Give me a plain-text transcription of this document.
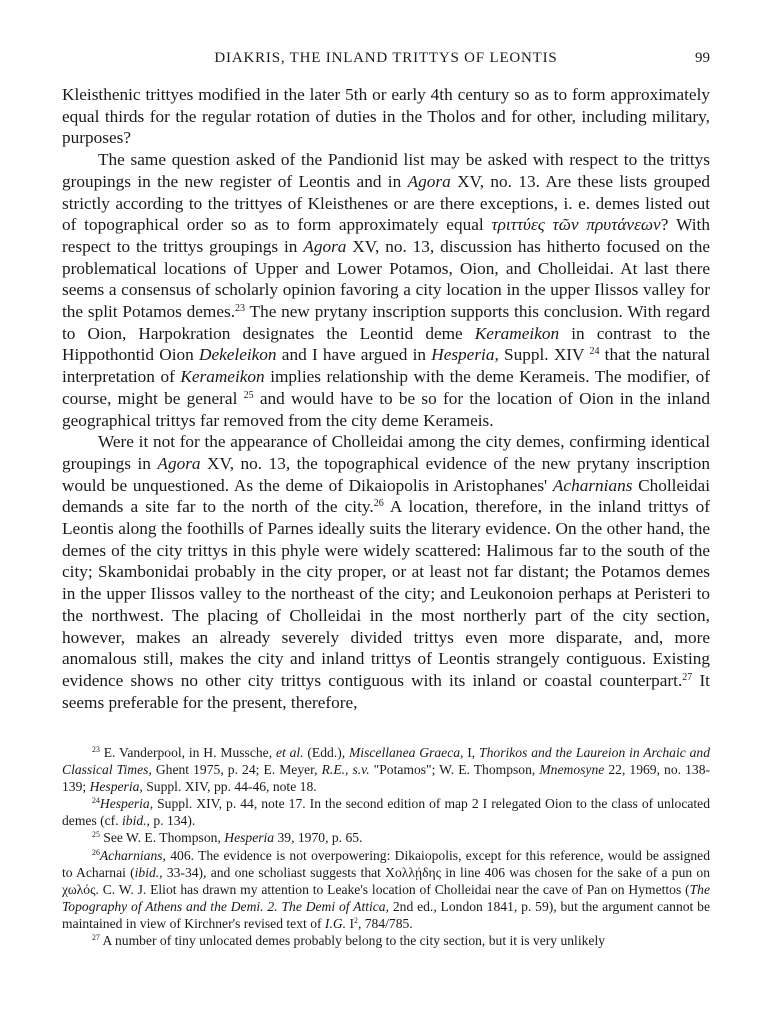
DIAKRIS, THE INLAND TRITTYS OF LEONTIS	99

Kleisthenic trittyes modified in the later 5th or early 4th century so as to form approximately equal thirds for the regular rotation of duties in the Tholos and for other, including military, purposes?

The same question asked of the Pandionid list may be asked with respect to the trittys groupings in the new register of Leontis and in Agora XV, no. 13. Are these lists grouped strictly according to the trittyes of Kleisthenes or are there exceptions, i. e. demes listed out of topographical order so as to form approximately equal τριττύες τῶν πρυτάνεων? With respect to the trittys groupings in Agora XV, no. 13, discussion has hitherto focused on the problematical locations of Upper and Lower Potamos, Oion, and Cholleidai. At last there seems a consensus of scholarly opinion favoring a city location in the upper Ilissos valley for the split Potamos demes.$^{23}$ The new prytany inscription supports this conclusion. With regard to Oion, Harpokration designates the Leontid deme Kerameikon in contrast to the Hippothontid Oion Dekeleikon and I have argued in Hesperia, Suppl. XIV $^{24}$ that the natural interpretation of Kerameikon implies relationship with the deme Kerameis. The modifier, of course, might be general $^{25}$ and would have to be so for the location of Oion in the inland geographical trittys far removed from the city deme Kerameis.

Were it not for the appearance of Cholleidai among the city demes, confirming identical groupings in Agora XV, no. 13, the topographical evidence of the new prytany inscription would be unquestioned. As the deme of Dikaiopolis in Aristophanes' Acharnians Cholleidai demands a site far to the north of the city.$^{26}$ A location, therefore, in the inland trittys of Leontis along the foothills of Parnes ideally suits the literary evidence. On the other hand, the demes of the city trittys in this phyle were widely scattered: Halimous far to the south of the city; Skambonidai probably in the city proper, or at least not far distant; the Potamos demes in the upper Ilissos valley to the northeast of the city; and Leukonoion perhaps at Peristeri to the northwest. The placing of Cholleidai in the most northerly part of the city section, however, makes an already severely divided trittys even more disparate, and, more anomalous still, makes the city and inland trittys of Leontis strangely contiguous. Existing evidence shows no other city trittys contiguous with its inland or coastal counterpart.$^{27}$ It seems preferable for the present, therefore,

$^{23}$ E. Vanderpool, in H. Mussche, et al. (Edd.), Miscellanea Graeca, I, Thorikos and the Laureion in Archaic and Classical Times, Ghent 1975, p. 24; E. Meyer, R.E., s.v. "Potamos"; W. E. Thompson, Mnemosyne 22, 1969, no. 138-139; Hesperia, Suppl. XIV, pp. 44-46, note 18.

$^{24}$Hesperia, Suppl. XIV, p. 44, note 17. In the second edition of map 2 I relegated Oion to the class of unlocated demes (cf. ibid., p. 134).

$^{25}$ See W. E. Thompson, Hesperia 39, 1970, p. 65.

$^{26}$Acharnians, 406. The evidence is not overpowering: Dikaiopolis, except for this reference, would be assigned to Acharnai (ibid., 33-34), and one scholiast suggests that Χολλῄδης in line 406 was chosen for the sake of a pun on χωλός. C. W. J. Eliot has drawn my attention to Leake's location of Cholleidai near the cave of Pan on Hymettos (The Topography of Athens and the Demi. 2. The Demi of Attica, 2nd ed., London 1841, p. 59), but the argument cannot be maintained in view of Kirchner's revised text of I.G. $I^2$, 784/785.

$^{27}$ A number of tiny unlocated demes probably belong to the city section, but it is very unlikely
